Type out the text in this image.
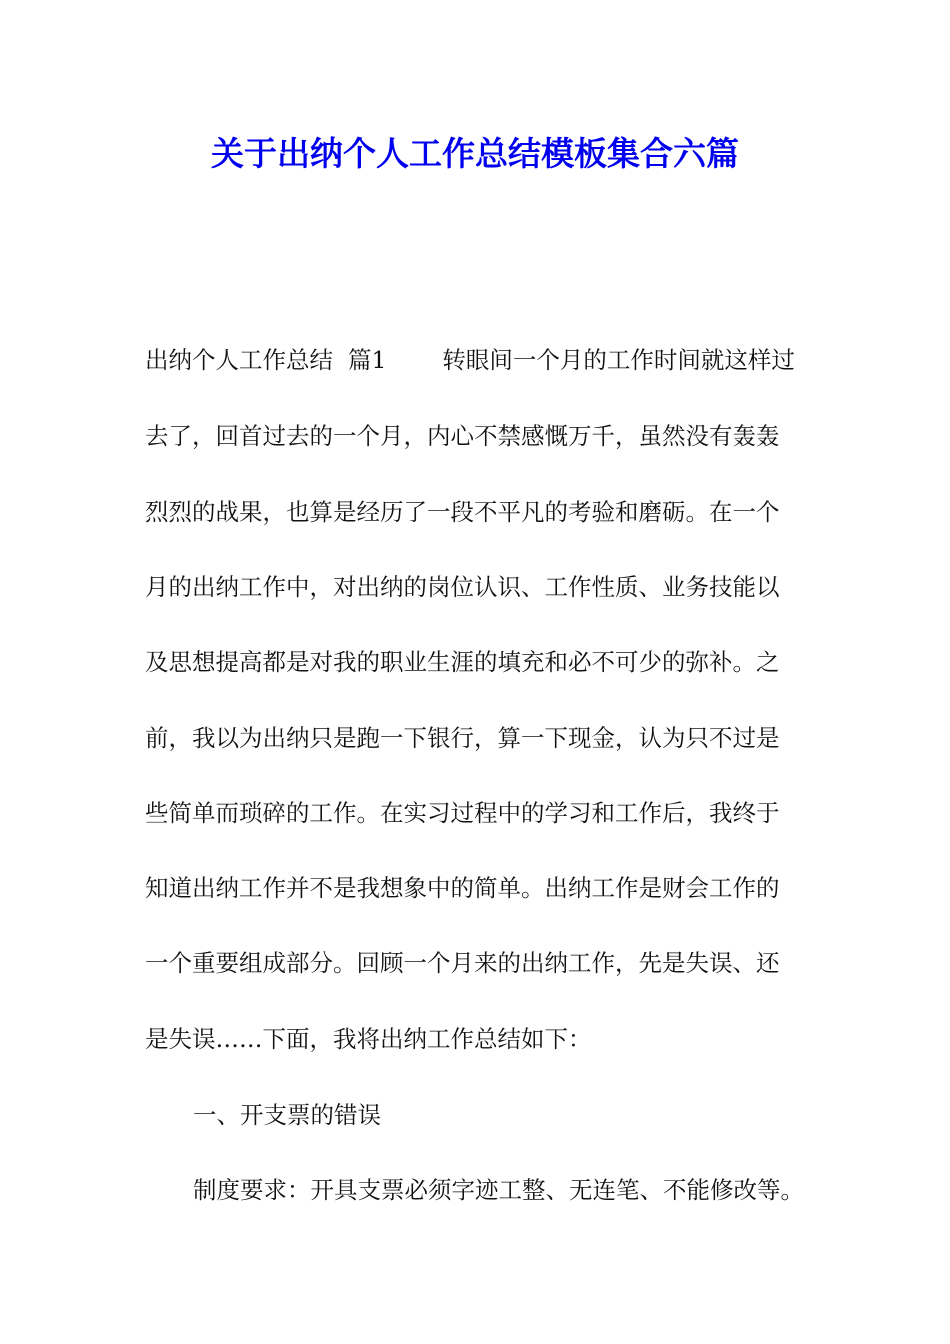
关于出纳个人工作总结模板集合六篇
出纳个人工作总结  篇1 转眼间一个月的工作时间就这样过
去了，回首过去的一个月，内心不禁感慨万千，虽然没有轰轰
烈烈的战果，也算是经历了一段不平凡的考验和磨砺。在一个
月的出纳工作中，对出纳的岗位认识、工作性质、业务技能以
及思想提高都是对我的职业生涯的填充和必不可少的弥补。之
前，我以为出纳只是跑一下银行，算一下现金，认为只不过是
些简单而琐碎的工作。在实习过程中的学习和工作后，我终于
知道出纳工作并不是我想象中的简单。出纳工作是财会工作的
一个重要组成部分。回顾一个月来的出纳工作，先是失误、还
是失误……下面，我将出纳工作总结如下：
一、开支票的错误
制度要求：开具支票必须字迹工整、无连笔、不能修改等。
